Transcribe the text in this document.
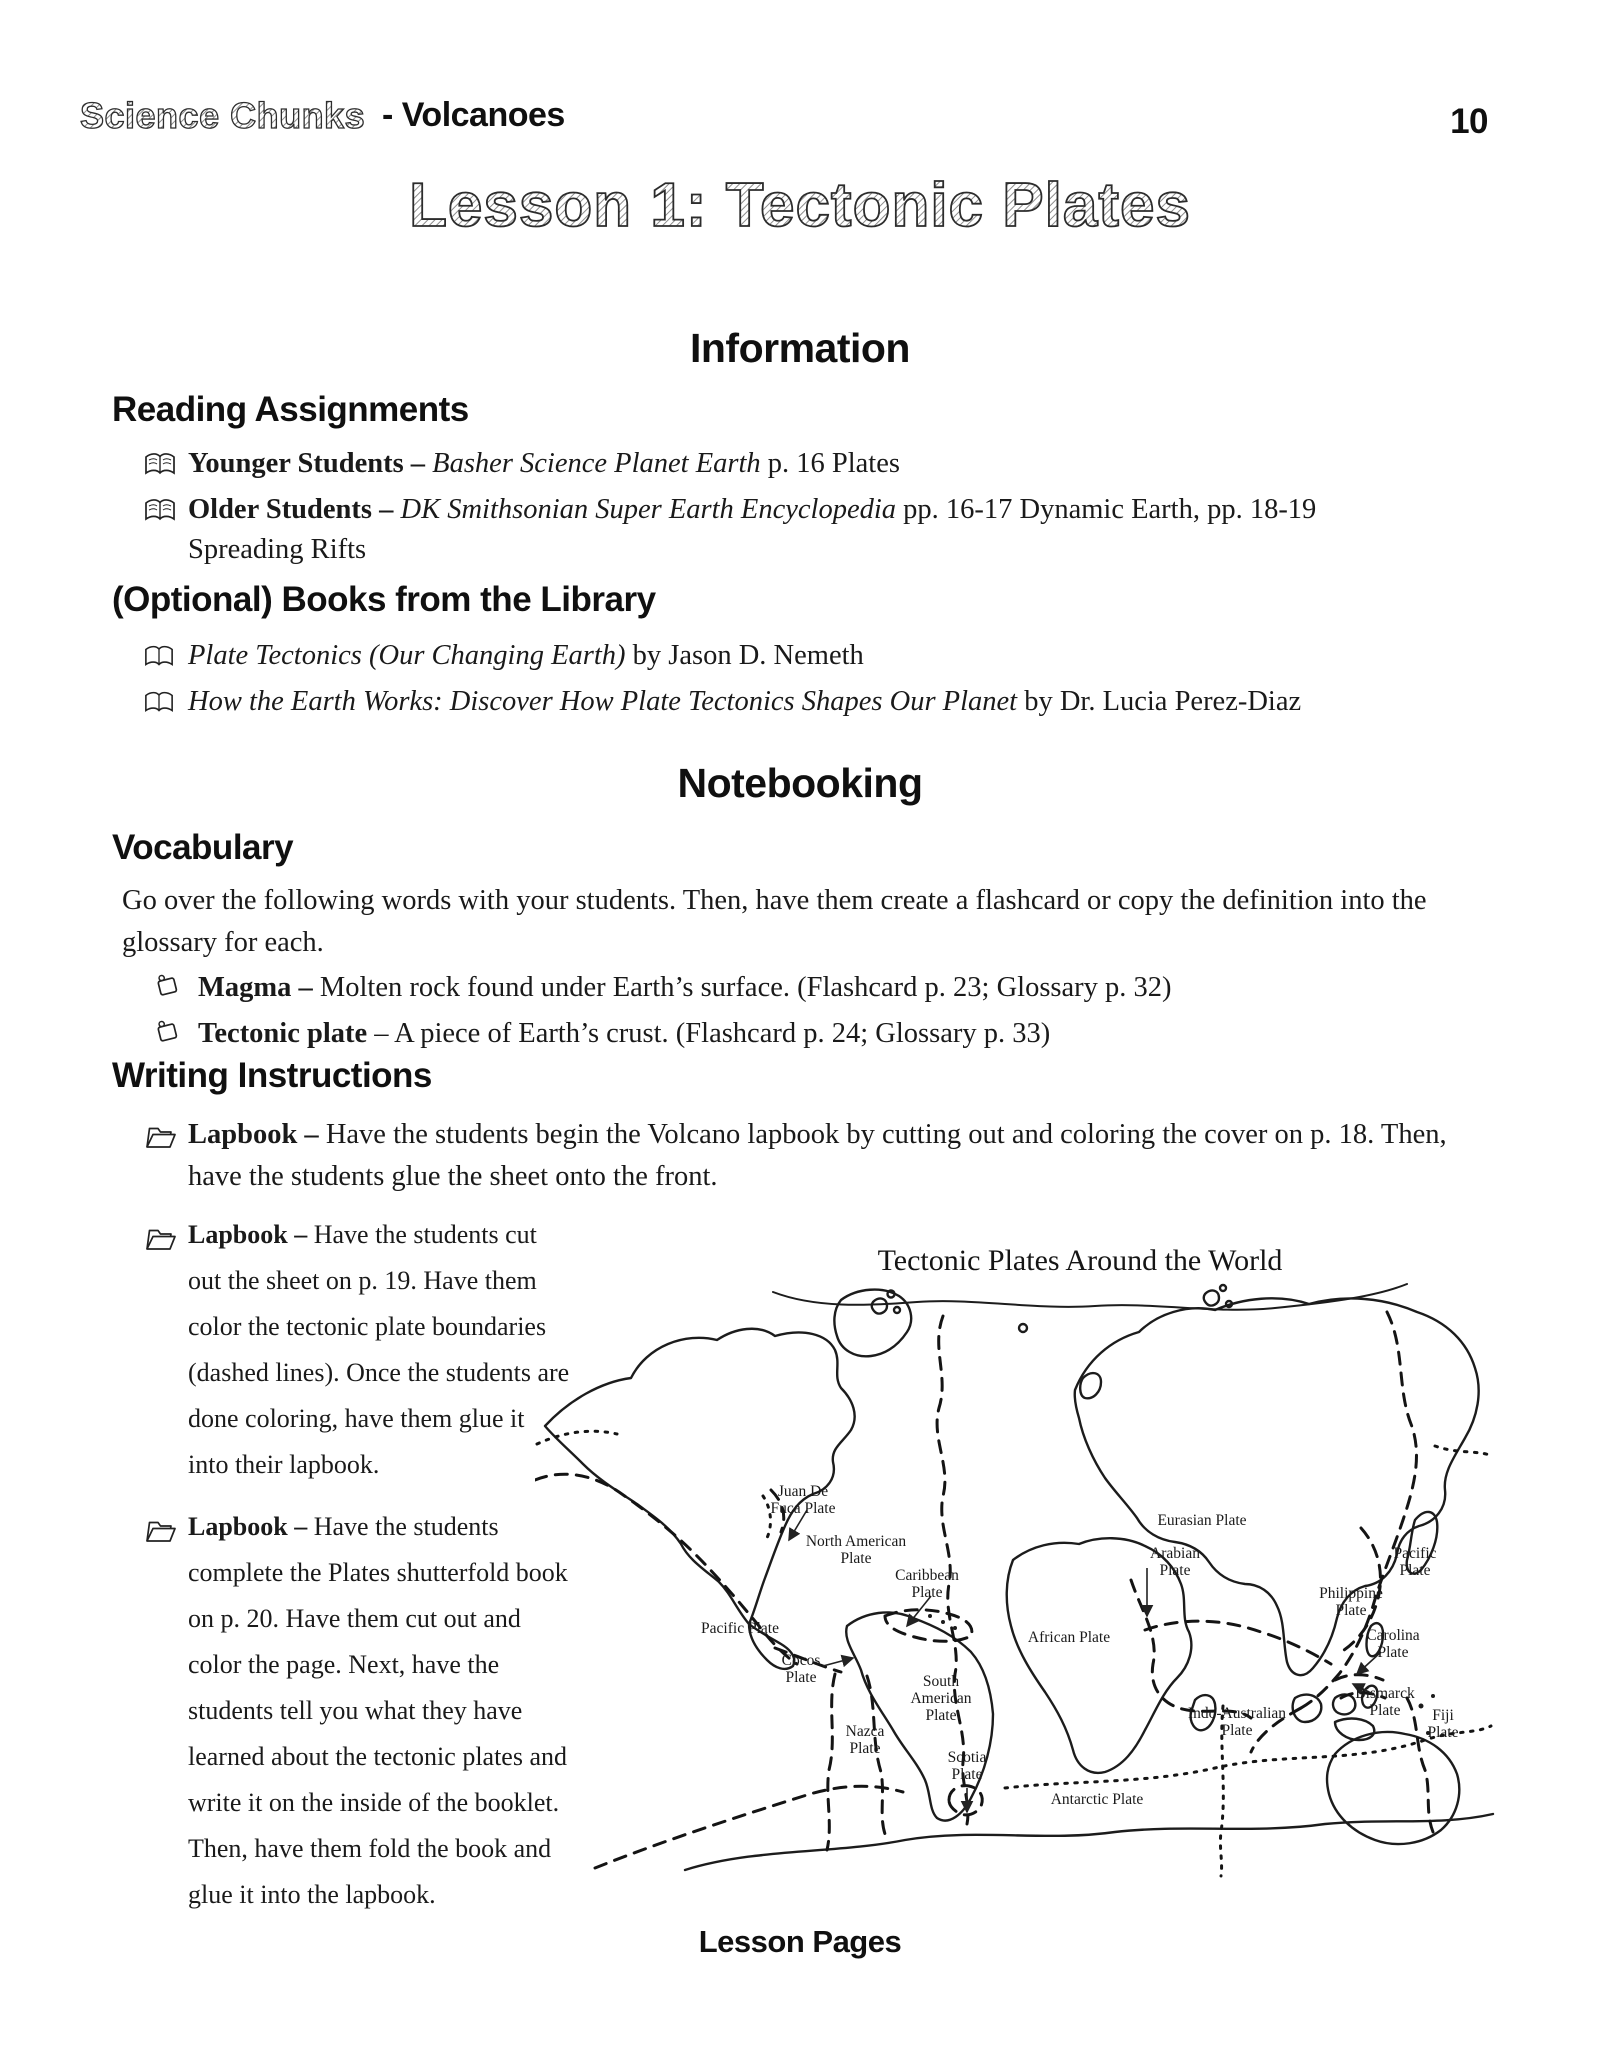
Science Chunks - Volcanoes	10
Lesson 1: Tectonic Plates
Information
Reading Assignments
Younger Students – Basher Science Planet Earth p. 16 Plates
Older Students – DK Smithsonian Super Earth Encyclopedia pp. 16-17 Dynamic Earth, pp. 18-19 Spreading Rifts
(Optional) Books from the Library
Plate Tectonics (Our Changing Earth) by Jason D. Nemeth
How the Earth Works: Discover How Plate Tectonics Shapes Our Planet by Dr. Lucia Perez-Diaz
Notebooking
Vocabulary
Go over the following words with your students. Then, have them create a flashcard or copy the definition into the glossary for each.
Magma – Molten rock found under Earth’s surface. (Flashcard p. 23; Glossary p. 32)
Tectonic plate – A piece of Earth’s crust. (Flashcard p. 24; Glossary p. 33)
Writing Instructions
Lapbook – Have the students begin the Volcano lapbook by cutting out and coloring the cover on p. 18. Then, have the students glue the sheet onto the front.
Lapbook – Have the students cut out the sheet on p. 19. Have them color the tectonic plate boundaries (dashed lines). Once the students are done coloring, have them glue it into their lapbook.
Lapbook – Have the students complete the Plates shutterfold book on p. 20. Have them cut out and color the page. Next, have the students tell you what they have learned about the tectonic plates and write it on the inside of the booklet. Then, have them fold the book and glue it into the lapbook.
Tectonic Plates Around the World
Juan De Fuca Plate
North American Plate
Caribbean Plate
Pacific Plate
Cocos Plate	South American Plate
Nazca Plate
Scotia Plate
Antarctic Plate
African Plate
Eurasian Plate
Arabian Plate
Pacific Plate
Philippine Plate
Carolina Plate
Bismarck Plate	Fiji Plate
Indo-Australian Plate
Lesson Pages
